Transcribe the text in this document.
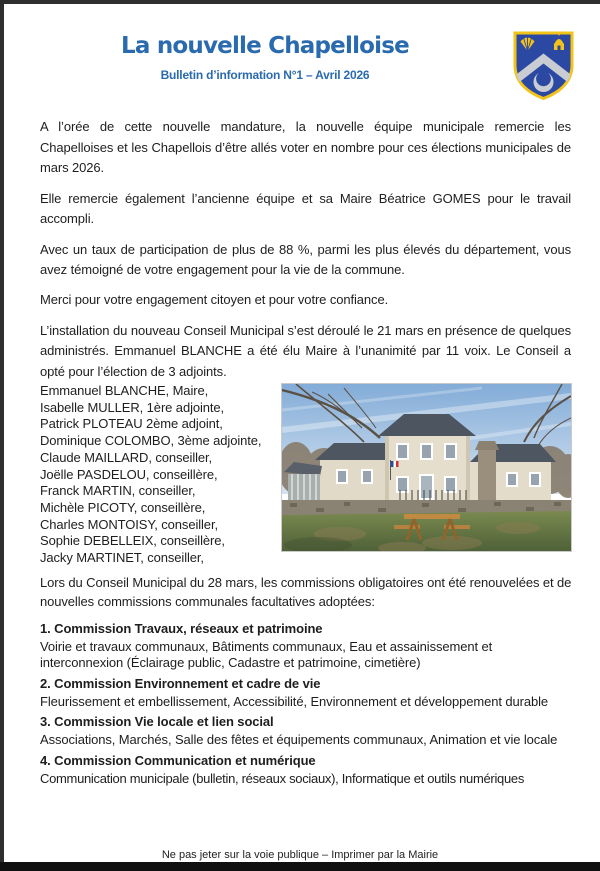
La nouvelle Chapelloise
Bulletin d’information N°1 – Avril 2026

A l’orée de cette nouvelle mandature, la nouvelle équipe municipale remercie les Chapelloises et les Chapellois d’être allés voter en nombre pour ces élections municipales de mars 2026.

Elle remercie également l’ancienne équipe et sa Maire Béatrice GOMES pour le travail accompli.

Avec un taux de participation de plus de 88 %, parmi les plus élevés du département, vous avez témoigné de votre engagement pour la vie de la commune.

Merci pour votre engagement citoyen et pour votre confiance.

L’installation du nouveau Conseil Municipal s’est déroulé le 21 mars en présence de quelques administrés. Emmanuel BLANCHE a été élu Maire à l’unanimité par 11 voix. Le Conseil a opté pour l’élection de 3 adjoints.

Emmanuel BLANCHE, Maire,
Isabelle MULLER, 1ère adjointe,
Patrick PLOTEAU 2ème adjoint,
Dominique COLOMBO, 3ème adjointe,
Claude MAILLARD, conseiller,
Joëlle PASDELOU, conseillère,
Franck MARTIN, conseiller,
Michèle PICOTY, conseillère,
Charles MONTOISY, conseiller,
Sophie DEBELLEIX, conseillère,
Jacky MARTINET, conseiller,

Lors du Conseil Municipal du 28 mars, les commissions obligatoires ont été renouvelées et de nouvelles commissions communales facultatives adoptées:

1. Commission Travaux, réseaux et patrimoine

Voirie et travaux communaux, Bâtiments communaux, Eau et assainissement et interconnexion (Éclairage public, Cadastre et patrimoine, cimetière)

2. Commission Environnement et cadre de vie

Fleurissement et embellissement, Accessibilité, Environnement et développement durable

3. Commission Vie locale et lien social

Associations, Marchés, Salle des fêtes et équipements communaux, Animation et vie locale

4. Commission Communication et numérique

Communication municipale (bulletin, réseaux sociaux), Informatique et outils numériques

Ne pas jeter sur la voie publique – Imprimer par la Mairie
